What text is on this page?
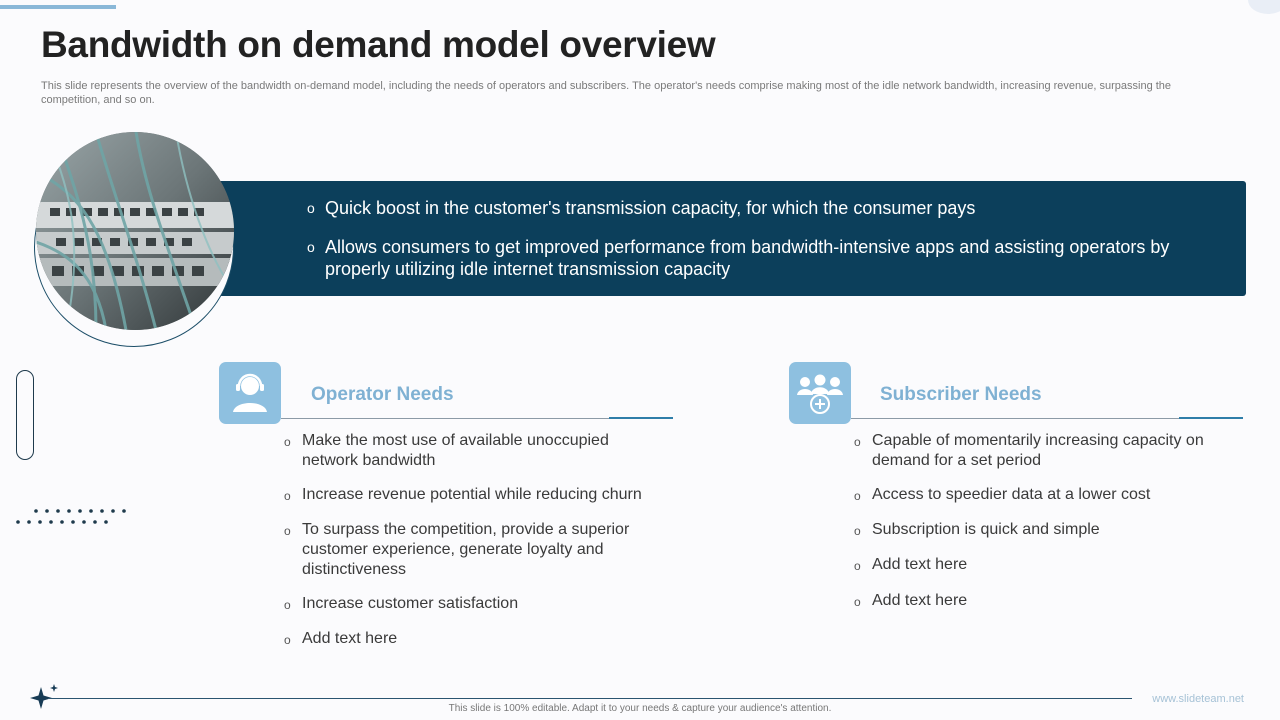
Bandwidth on demand model overview

This slide represents the overview of the bandwidth on-demand model, including the needs of operators and subscribers. The operator's needs comprise making most of the idle network bandwidth, increasing revenue, surpassing the competition, and so on.

o Quick boost in the customer's transmission capacity, for which the consumer pays
o Allows consumers to get improved performance from bandwidth-intensive apps and assisting operators by properly utilizing idle internet transmission capacity
Operator Needs
o Make the most use of available unoccupied network bandwidth
o Increase revenue potential while reducing churn
o To surpass the competition, provide a superior customer experience, generate loyalty and distinctiveness
o Increase customer satisfaction
o Add text here
Subscriber Needs
o Capable of momentarily increasing capacity on demand for a set period
o Access to speedier data at a lower cost
o Subscription is quick and simple
o Add text here
o Add text here
This slide is 100% editable. Adapt it to your needs & capture your audience's attention.
www.slideteam.net
